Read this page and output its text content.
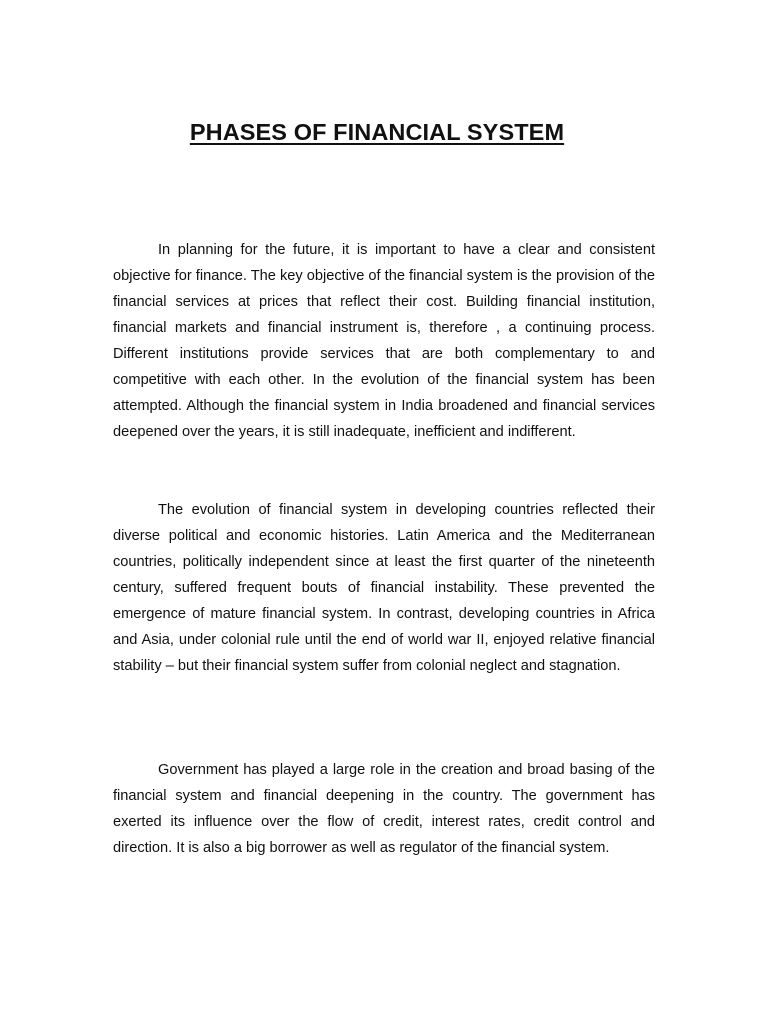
PHASES OF FINANCIAL SYSTEM

In planning for the future, it is important to have a clear and consistent objective for finance. The key objective of the financial system is the provision of the financial services at prices that reflect their cost. Building financial institution, financial markets and financial instrument is, therefore , a continuing process. Different institutions provide services that are both complementary to and competitive with each other. In the evolution of the financial system has been attempted. Although the financial system in India broadened and financial services deepened over the years, it is still inadequate, inefficient and indifferent.

The evolution of financial system in developing countries reflected their diverse political and economic histories. Latin America and the Mediterranean countries, politically independent since at least the first quarter of the nineteenth century, suffered frequent bouts of financial instability. These prevented the emergence of mature financial system. In contrast, developing countries in Africa and Asia, under colonial rule until the end of world war II, enjoyed relative financial stability – but their financial system suffer from colonial neglect and stagnation.

Government has played a large role in the creation and broad basing of the financial system and financial deepening in the country. The government has exerted its influence over the flow of credit, interest rates, credit control and direction. It is also a big borrower as well as regulator of the financial system.
